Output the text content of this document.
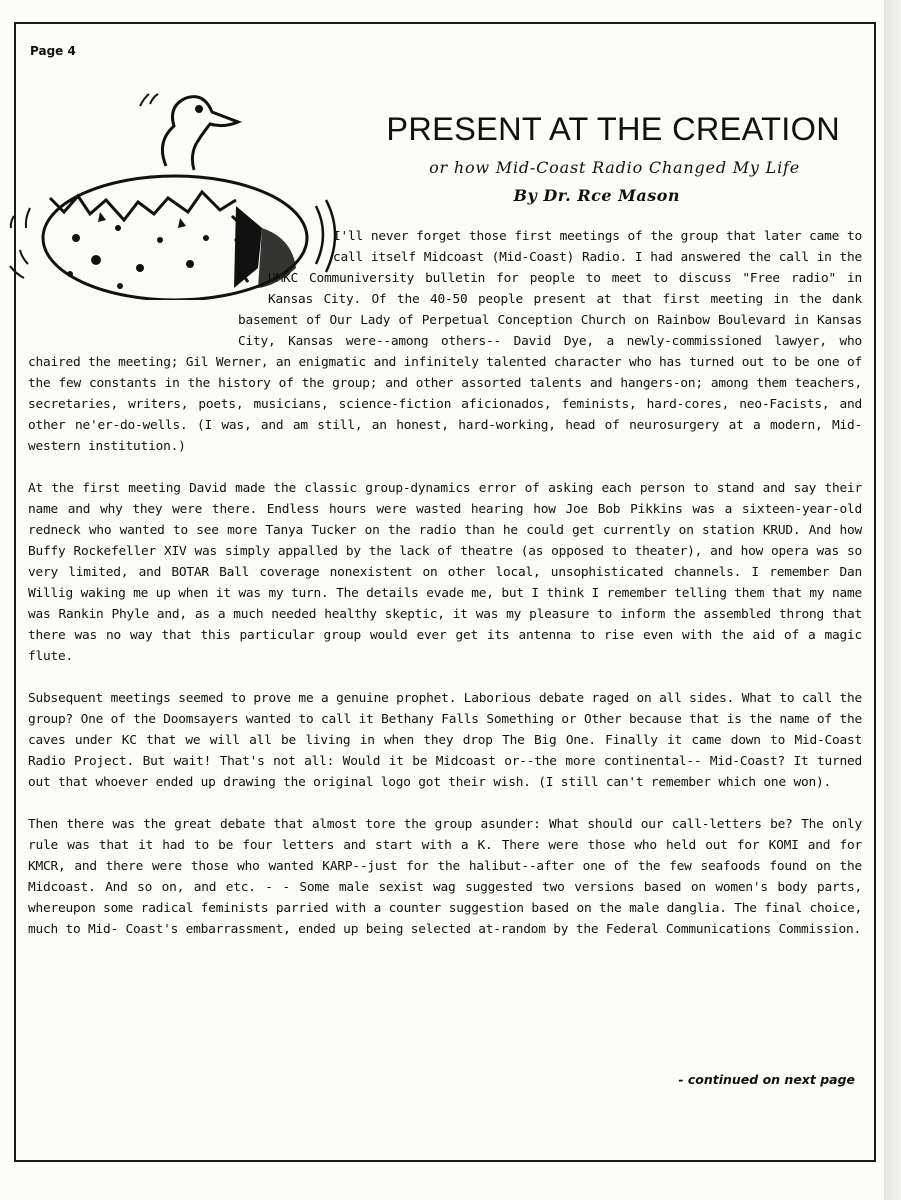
Page 4
PRESENT AT THE CREATION
or how Mid-Coast Radio Changed My Life
By Dr. Rce Mason

I'll never forget those first meetings of the group that later came to call itself Midcoast (Mid-Coast) Radio. I had answered the call in the UMKC Communiversity bulletin for people to meet to discuss "Free radio" in Kansas City. Of the 40-50 people present at that first meeting in the dank basement of Our Lady of Perpetual Conception Church on Rainbow Boulevard in Kansas City, Kansas were--among others-- David Dye, a newly-commissioned lawyer, who chaired the meeting; Gil Werner, an enigmatic and infinitely talented character who has turned out to be one of the few constants in the history of the group; and other assorted talents and hangers-on; among them teachers, secretaries, writers, poets, musicians, science-fiction aficionados, feminists, hard-cores, neo-Facists, and other ne'er-do-wells. (I was, and am still, an honest, hard-working, head of neurosurgery at a modern, Mid-western institution.)

At the first meeting David made the classic group-dynamics error of asking each person to stand and say their name and why they were there. Endless hours were wasted hearing how Joe Bob Pikkins was a sixteen-year-old redneck who wanted to see more Tanya Tucker on the radio than he could get currently on station KRUD. And how Buffy Rockefeller XIV was simply appalled by the lack of theatre (as opposed to theater), and how opera was so very limited, and BOTAR Ball coverage nonexistent on other local, unsophisticated channels. I remember Dan Willig waking me up when it was my turn. The details evade me, but I think I remember telling them that my name was Rankin Phyle and, as a much needed healthy skeptic, it was my pleasure to inform the assembled throng that there was no way that this particular group would ever get its antenna to rise even with the aid of a magic flute.

Subsequent meetings seemed to prove me a genuine prophet. Laborious debate raged on all sides. What to call the group? One of the Doomsayers wanted to call it Bethany Falls Something or Other because that is the name of the caves under KC that we will all be living in when they drop The Big One. Finally it came down to Mid-Coast Radio Project. But wait! That's not all: Would it be Midcoast or--the more continental-- Mid-Coast? It turned out that whoever ended up drawing the original logo got their wish. (I still can't remember which one won).

Then there was the great debate that almost tore the group asunder: What should our call-letters be? The only rule was that it had to be four letters and start with a K. There were those who held out for KOMI and for KMCR, and there were those who wanted KARP--just for the halibut--after one of the few seafoods found on the Midcoast. And so on, and etc. - - Some male sexist wag suggested two versions based on women's body parts, whereupon some radical feminists parried with a counter suggestion based on the male danglia. The final choice, much to Mid- Coast's embarrassment, ended up being selected at-random by the Federal Communications Commission.

- continued on next page
